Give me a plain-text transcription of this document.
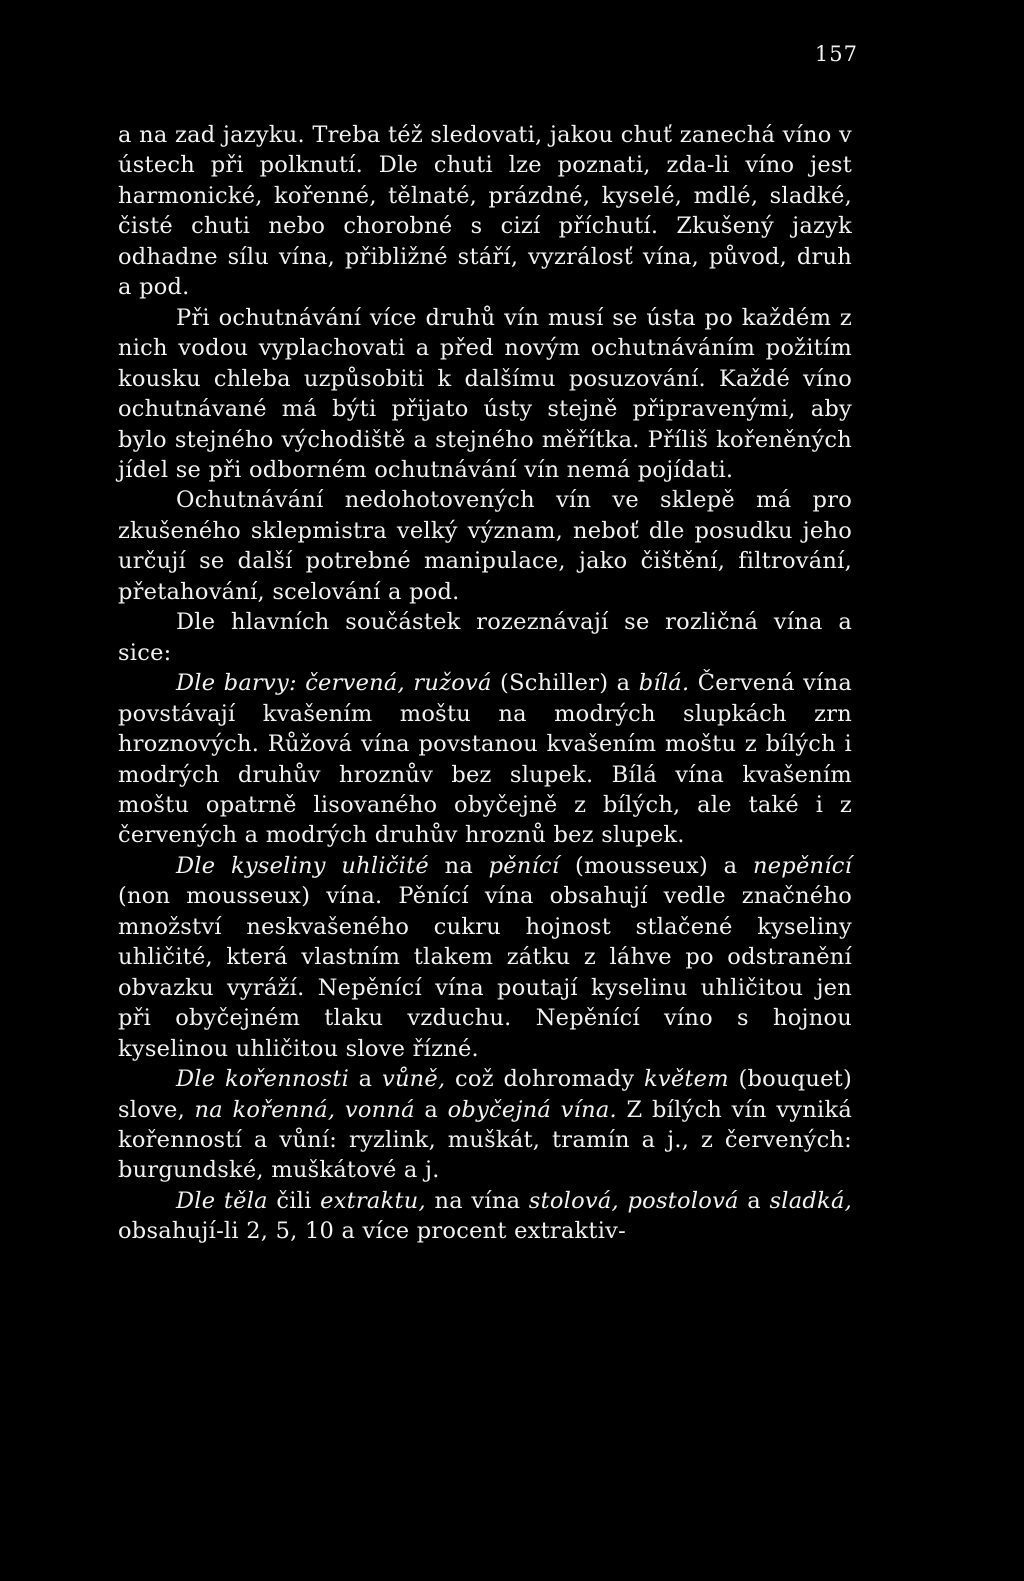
157

a na zad jazyku. Treba též sledovati, jakou chuť zanechá víno v ústech při polknutí. Dle chuti lze poznati, zda-li víno jest harmonické, kořenné, tělnaté, prázdné, kyselé, mdlé, sladké, čisté chuti nebo chorobné s cizí příchutí. Zkušený jazyk odhadne sílu vína, přibližné stáří, vyzrálosť vína, původ, druh a pod.

Při ochutnávání více druhů vín musí se ústa po každém z nich vodou vyplachovati a před novým ochutnáváním požitím kousku chleba uzpůsobiti k dalšímu posuzování. Každé víno ochutnávané má býti přijato ústy stejně připravenými, aby bylo stejného východiště a stejného měřítka. Příliš kořeněných jídel se při odborném ochutnávání vín nemá pojídati.

Ochutnávání nedohotovených vín ve sklepě má pro zkušeného sklepmistra velký význam, neboť dle posudku jeho určují se další potrebné manipulace, jako čištění, filtrování, přetahování, scelování a pod.

Dle hlavních součástek rozeznávají se rozličná vína a sice:

Dle barvy: červená, ružová (Schiller) a bílá. Červená vína povstávají kvašením moštu na modrých slupkách zrn hroznových. Růžová vína povstanou kvašením moštu z bílých i modrých druhův hroznův bez slupek. Bílá vína kvašením moštu opatrně lisovaného obyčejně z bílých, ale také i z červených a modrých druhův hroznů bez slupek.

Dle kyseliny uhličité na pěnící (mousseux) a nepěnící (non mousseux) vína. Pěnící vína obsahují vedle značného množství neskvašeného cukru hojnost stlačené kyseliny uhličité, která vlastním tlakem zátku z láhve po odstranění obvazku vyráží. Nepěnící vína poutají kyselinu uhličitou jen při obyčejném tlaku vzduchu. Nepěnící víno s hojnou kyselinou uhličitou slove řízné.

Dle kořennosti a vůně, což dohromady květem (bouquet) slove, na kořenná, vonná a obyčejná vína. Z bílých vín vyniká kořenností a vůní: ryzlink, muškát, tramín a j., z červených: burgundské, muškátové a j.

Dle těla čili extraktu, na vína stolová, postolová a sladká, obsahují-li 2, 5, 10 a více procent extraktiv-
